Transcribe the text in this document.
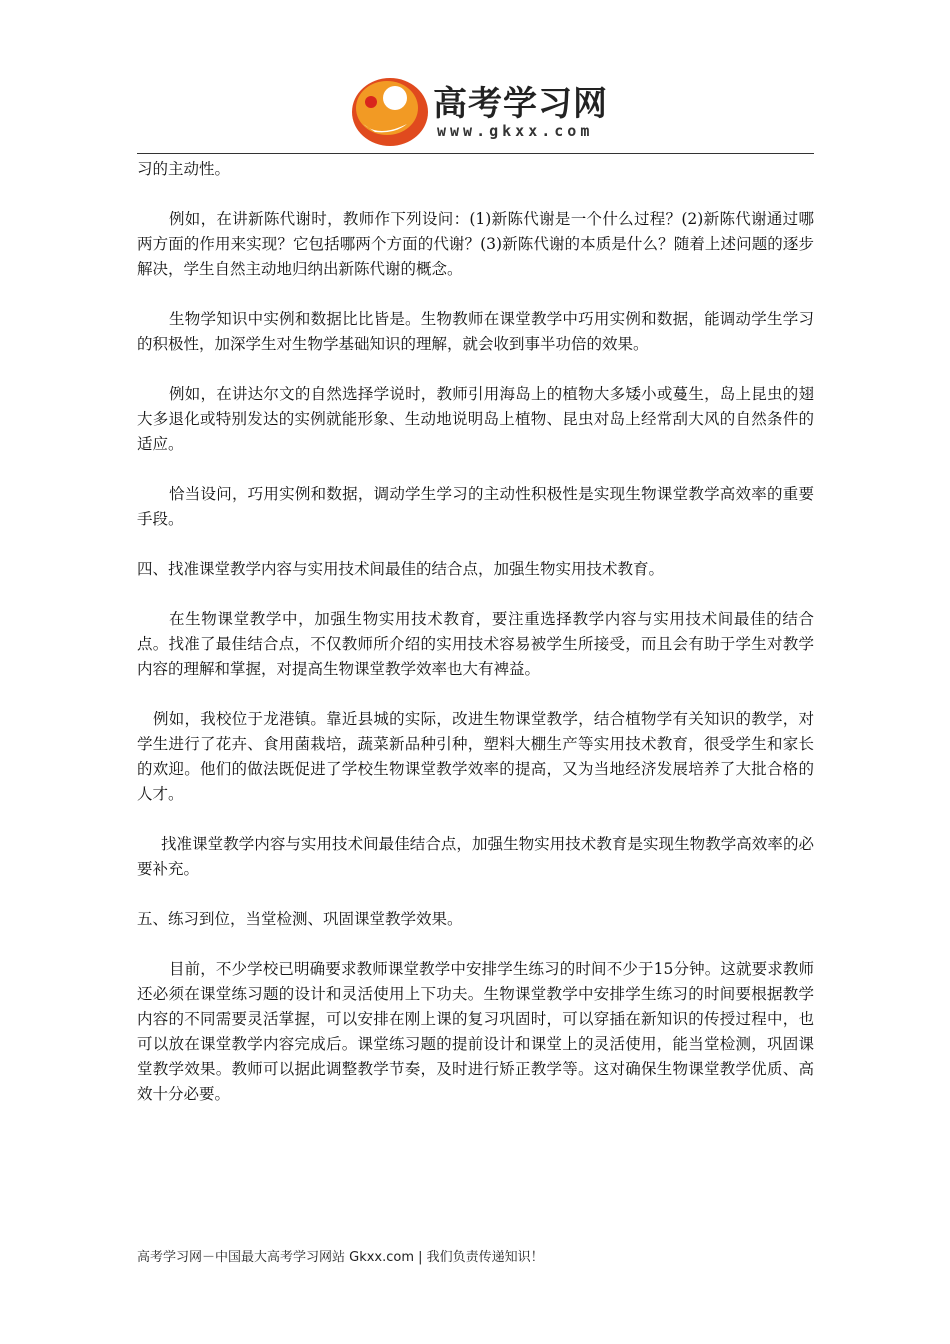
高考学习网
www.gkxx.com

习的主动性。

例如，在讲新陈代谢时，教师作下列设问：(1)新陈代谢是一个什么过程？(2)新陈代谢通过哪两方面的作用来实现？它包括哪两个方面的代谢？(3)新陈代谢的本质是什么？随着上述问题的逐步解决，学生自然主动地归纳出新陈代谢的概念。

生物学知识中实例和数据比比皆是。生物教师在课堂教学中巧用实例和数据，能调动学生学习的积极性，加深学生对生物学基础知识的理解，就会收到事半功倍的效果。

例如，在讲达尔文的自然选择学说时，教师引用海岛上的植物大多矮小或蔓生，岛上昆虫的翅大多退化或特别发达的实例就能形象、生动地说明岛上植物、昆虫对岛上经常刮大风的自然条件的适应。

恰当设问，巧用实例和数据，调动学生学习的主动性积极性是实现生物课堂教学高效率的重要手段。

四、找准课堂教学内容与实用技术间最佳的结合点，加强生物实用技术教育。

在生物课堂教学中，加强生物实用技术教育，要注重选择教学内容与实用技术间最佳的结合点。找准了最佳结合点，不仅教师所介绍的实用技术容易被学生所接受，而且会有助于学生对教学内容的理解和掌握，对提高生物课堂教学效率也大有裨益。

例如，我校位于龙港镇。靠近县城的实际，改进生物课堂教学，结合植物学有关知识的教学，对学生进行了花卉、食用菌栽培，蔬菜新品种引种，塑料大棚生产等实用技术教育，很受学生和家长的欢迎。他们的做法既促进了学校生物课堂教学效率的提高，又为当地经济发展培养了大批合格的人才。

找准课堂教学内容与实用技术间最佳结合点，加强生物实用技术教育是实现生物教学高效率的必要补充。

五、练习到位，当堂检测、巩固课堂教学效果。

目前，不少学校已明确要求教师课堂教学中安排学生练习的时间不少于15分钟。这就要求教师还必须在课堂练习题的设计和灵活使用上下功夫。生物课堂教学中安排学生练习的时间要根据教学内容的不同需要灵活掌握，可以安排在刚上课的复习巩固时，可以穿插在新知识的传授过程中，也可以放在课堂教学内容完成后。课堂练习题的提前设计和课堂上的灵活使用，能当堂检测，巩固课堂教学效果。教师可以据此调整教学节奏，及时进行矫正教学等。这对确保生物课堂教学优质、高效十分必要。

高考学习网－中国最大高考学习网站 Gkxx.com | 我们负责传递知识！
